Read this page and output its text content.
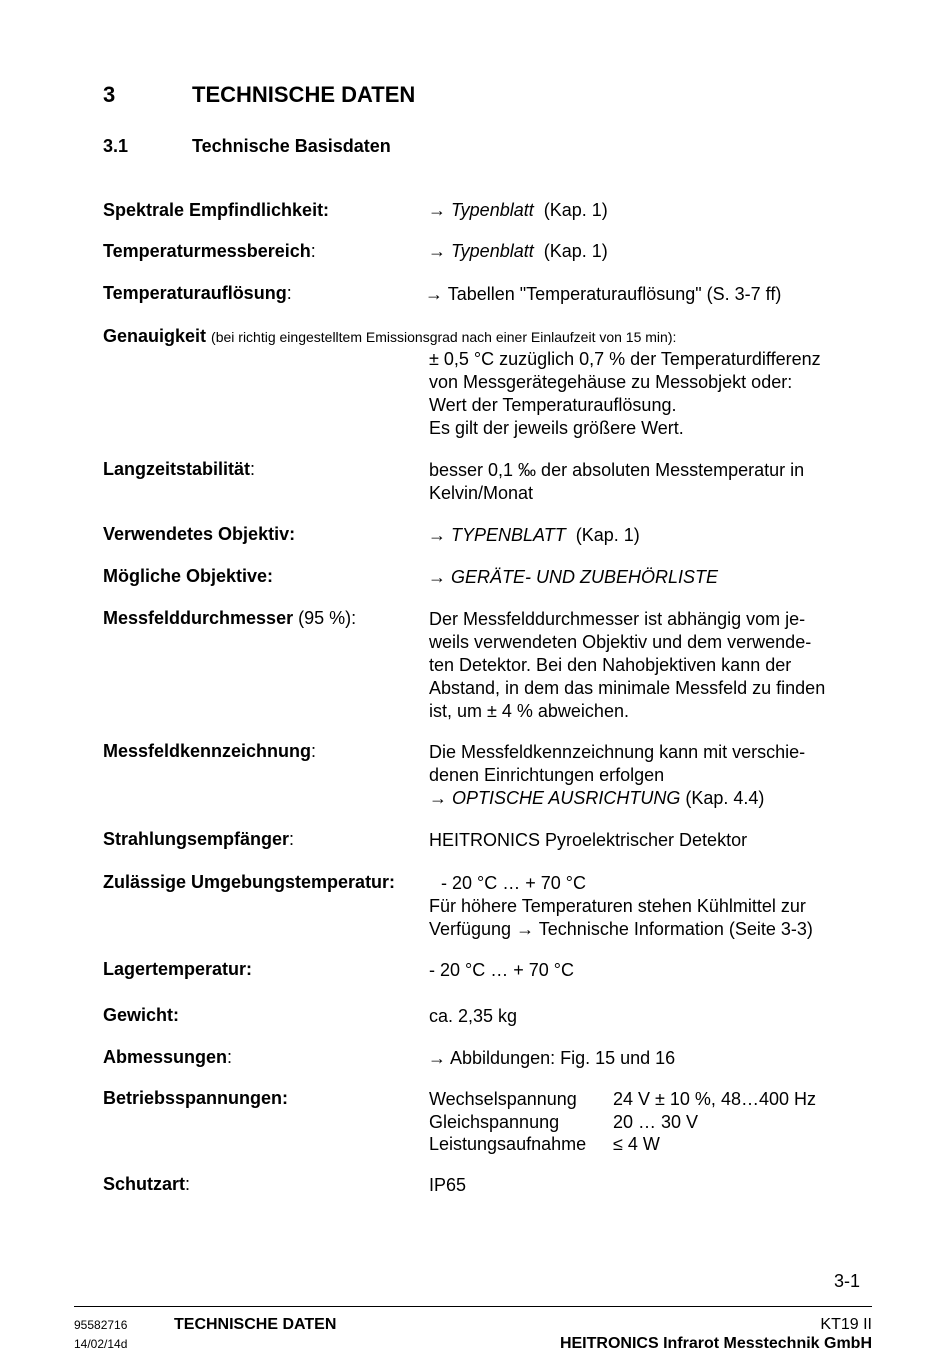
3	TECHNISCHE DATEN
3.1	Technische Basisdaten
Spektrale Empfindlichkeit:	→ Typenblatt (Kap. 1)
Temperaturmessbereich:	→ Typenblatt (Kap. 1)
Temperaturauflösung:	→ Tabellen "Temperaturauflösung" (S. 3-7 ff)
Genauigkeit (bei richtig eingestelltem Emissionsgrad nach einer Einlaufzeit von 15 min):
± 0,5 °C zuzüglich 0,7 % der Temperaturdifferenz
von Messgerätegehäuse zu Messobjekt oder:
Wert der Temperaturauflösung.
Es gilt der jeweils größere Wert.
Langzeitstabilität:	besser 0,1 ‰ der absoluten Messtemperatur in
Kelvin/Monat
Verwendetes Objektiv:	→ TYPENBLATT (Kap. 1)
Mögliche Objektive:	→ GERÄTE- UND ZUBEHÖRLISTE
Messfelddurchmesser (95 %):	Der Messfelddurchmesser ist abhängig vom je-
weils verwendeten Objektiv und dem verwende-
ten Detektor. Bei den Nahobjektiven kann der
Abstand, in dem das minimale Messfeld zu finden
ist, um ± 4 % abweichen.
Messfeldkennzeichnung:	Die Messfeldkennzeichnung kann mit verschie-
denen Einrichtungen erfolgen
→ OPTISCHE AUSRICHTUNG (Kap. 4.4)
Strahlungsempfänger:	HEITRONICS Pyroelektrischer Detektor
Zulässige Umgebungstemperatur:	- 20 °C … + 70 °C
Für höhere Temperaturen stehen Kühlmittel zur
Verfügung → Technische Information (Seite 3-3)
Lagertemperatur:	- 20 °C … + 70 °C
Gewicht:	ca. 2,35 kg
Abmessungen:	→ Abbildungen: Fig. 15 und 16
Betriebsspannungen:	Wechselspannung 24 V ± 10 %, 48…400 Hz
Gleichspannung	20 … 30 V
Leistungsaufnahme ≤ 4 W
Schutzart:	IP65
3-1
95582716
14/02/14d
TECHNISCHE DATEN	KT19 II
HEITRONICS Infrarot Messtechnik GmbH
